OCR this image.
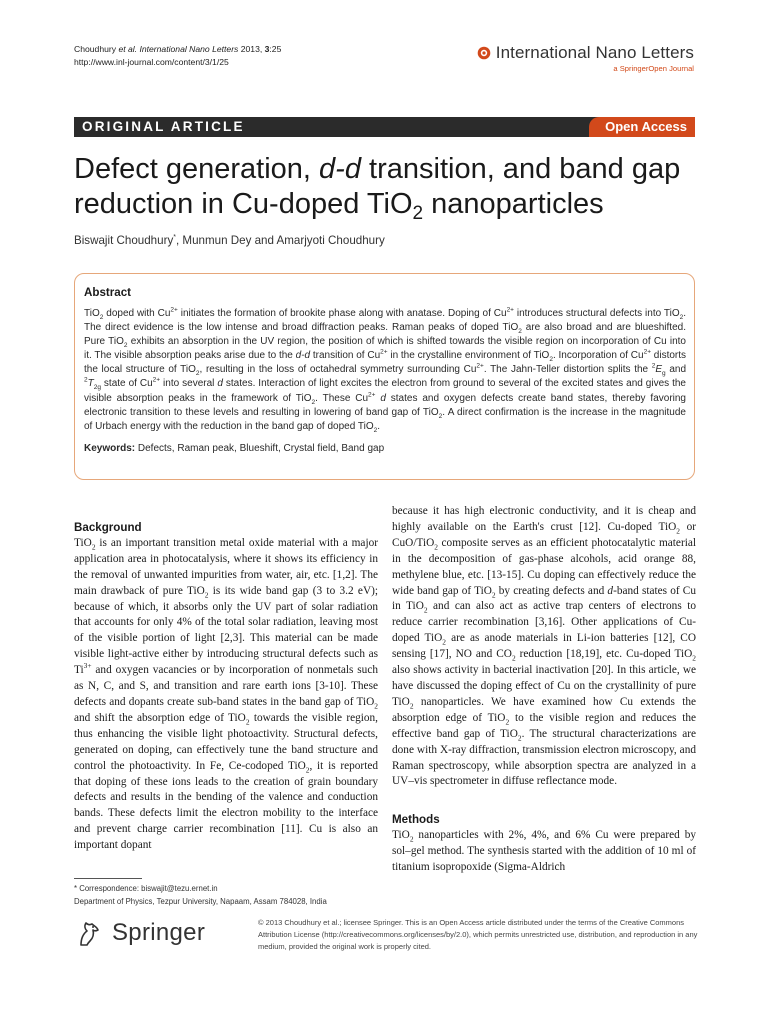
Choudhury et al. International Nano Letters 2013, 3:25
http://www.inl-journal.com/content/3/1/25	International Nano Letters
a SpringerOpen Journal
ORIGINAL ARTICLE	Open Access
Defect generation, d-d transition, and band gap
reduction in Cu-doped TiO$_2$ nanoparticles
Biswajit Choudhury*, Munmun Dey and Amarjyoti Choudhury
Abstract

TiO$_2$ doped with $Cu^{2+}$ initiates the formation of brookite phase along with anatase. Doping of $Cu^{2+}$ introduces structural defects into TiO$_2$. The direct evidence is the low intense and broad diffraction peaks. Raman peaks of doped TiO$_2$ are also broad and are blueshifted. Pure TiO$_2$ exhibits an absorption in the UV region, the position of which is shifted towards the visible region on incorporation of Cu into it. The visible absorption peaks arise due to the d-d transition of $Cu^{2+}$ in the crystalline environment of TiO$_2$. Incorporation of $Cu^{2+}$ distorts the local structure of TiO$_2$, resulting in the loss of octahedral symmetry surrounding $Cu^{2+}$. The Jahn-Teller distortion splits the $^2E_g$ and $^2T_{2g}$ state of $Cu^{2+}$ into several d states. Interaction of light excites the electron from ground to several of the excited states and gives the visible absorption peaks in the framework of TiO$_2$. These $Cu^{2+}$ d states and oxygen defects create band states, thereby favoring electronic transition to these levels and resulting in lowering of band gap of TiO$_2$. A direct confirmation is the increase in the magnitude of Urbach energy with the reduction in the band gap of doped TiO$_2$.

Keywords: Defects, Raman peak, Blueshift, Crystal field, Band gap
Background

TiO$_2$ is an important transition metal oxide material with a major application area in photocatalysis, where it shows its efficiency in the removal of unwanted impurities from water, air, etc. [1,2]. The main drawback of pure TiO$_2$ is its wide band gap (3 to 3.2 eV); because of which, it absorbs only the UV part of solar radiation that accounts for only 4% of the total solar radiation, leaving most of the visible portion of light [2,3]. This material can be made visible light-active either by introducing structural defects such as $Ti^{3+}$ and oxygen vacancies or by incorporation of nonmetals such as N, C, and S, and transition and rare earth ions [3-10]. These defects and dopants create sub-band states in the band gap of TiO$_2$ and shift the absorption edge of TiO$_2$ towards the visible region, thus enhancing the visible light photoactivity. Structural defects, generated on doping, can effectively tune the band structure and control the photoactivity. In Fe, Ce-codoped TiO$_2$, it is reported that doping of these ions leads to the creation of grain boundary defects and results in the bending of the valence and conduction bands. These defects limit the electron mobility to the interface and prevent charge carrier recombination [11]. Cu is also an important dopant

because it has high electronic conductivity, and it is cheap and highly available on the Earth's crust [12]. Cu-doped TiO$_2$ or CuO/TiO$_2$ composite serves as an efficient photocatalytic material in the decomposition of gas-phase alcohols, acid orange 88, methylene blue, etc. [13-15]. Cu doping can effectively reduce the wide band gap of TiO$_2$ by creating defects and d-band states of Cu in TiO$_2$ and can also act as active trap centers of electrons to reduce carrier recombination [3,16]. Other applications of Cu-doped TiO$_2$ are as anode materials in Li-ion batteries [12], CO sensing [17], NO and $CO_2$ reduction [18,19], etc. Cu-doped TiO$_2$ also shows activity in bacterial inactivation [20]. In this article, we have discussed the doping effect of Cu on the crystallinity of pure TiO$_2$ nanoparticles. We have examined how Cu extends the absorption edge of TiO$_2$ to the visible region and reduces the effective band gap of TiO$_2$. The structural characterizations are done with X-ray diffraction, transmission electron microscopy, and Raman spectroscopy, while absorption spectra are analyzed in a UV–vis spectrometer in diffuse reflectance mode.

Methods

TiO$_2$ nanoparticles with 2%, 4%, and 6% Cu were prepared by sol–gel method. The synthesis started with the addition of 10 ml of titanium isopropoxide (Sigma-Aldrich

* Correspondence: biswajit@tezu.ernet.in
Department of Physics, Tezpur University, Napaam, Assam 784028, India
Springer	© 2013 Choudhury et al.; licensee Springer. This is an Open Access article distributed under the terms of the Creative Commons Attribution License (http://creativecommons.org/licenses/by/2.0), which permits unrestricted use, distribution, and reproduction in any medium, provided the original work is properly cited.
